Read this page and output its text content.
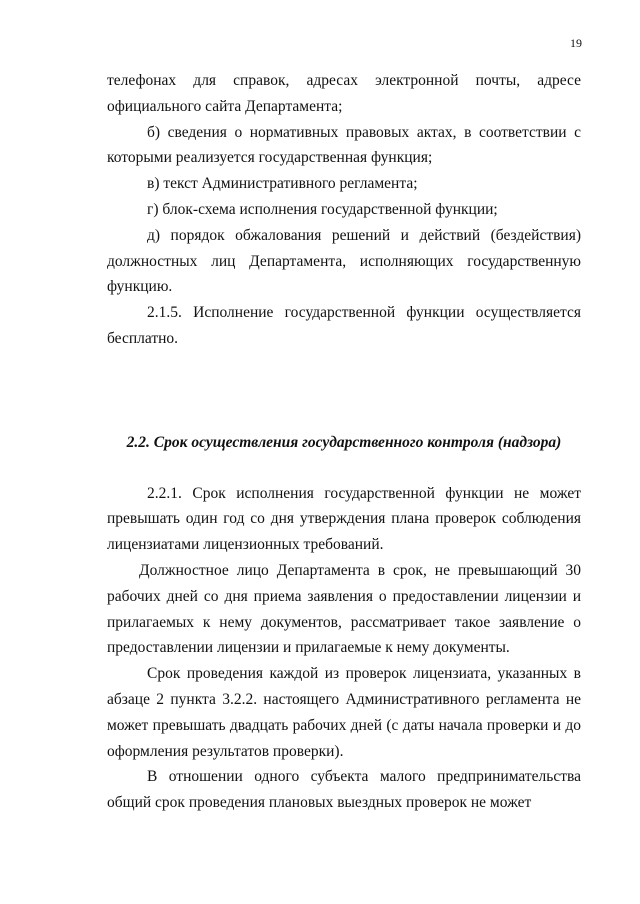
19

телефонах для справок, адресах электронной почты, адресе официального сайта Департамента;

б) сведения о нормативных правовых актах, в соответствии с которыми реализуется государственная функция;

в) текст Административного регламента;

г) блок-схема исполнения государственной функции;

д) порядок обжалования решений и действий (бездействия) должностных лиц Департамента, исполняющих государственную функцию.

2.1.5. Исполнение государственной функции осуществляется бесплатно.

2.2. Срок осуществления государственного контроля (надзора)

2.2.1. Срок исполнения государственной функции не может превышать один год со дня утверждения плана проверок соблюдения лицензиатами лицензионных требований.

Должностное лицо Департамента в срок, не превышающий 30 рабочих дней со дня приема заявления о предоставлении лицензии и прилагаемых к нему документов, рассматривает такое заявление о предоставлении лицензии и прилагаемые к нему документы.

Срок проведения каждой из проверок лицензиата, указанных в абзаце 2 пункта 3.2.2. настоящего Административного регламента не может превышать двадцать рабочих дней (с даты начала проверки и до оформления результатов проверки).

В отношении одного субъекта малого предпринимательства общий срок проведения плановых выездных проверок не может
